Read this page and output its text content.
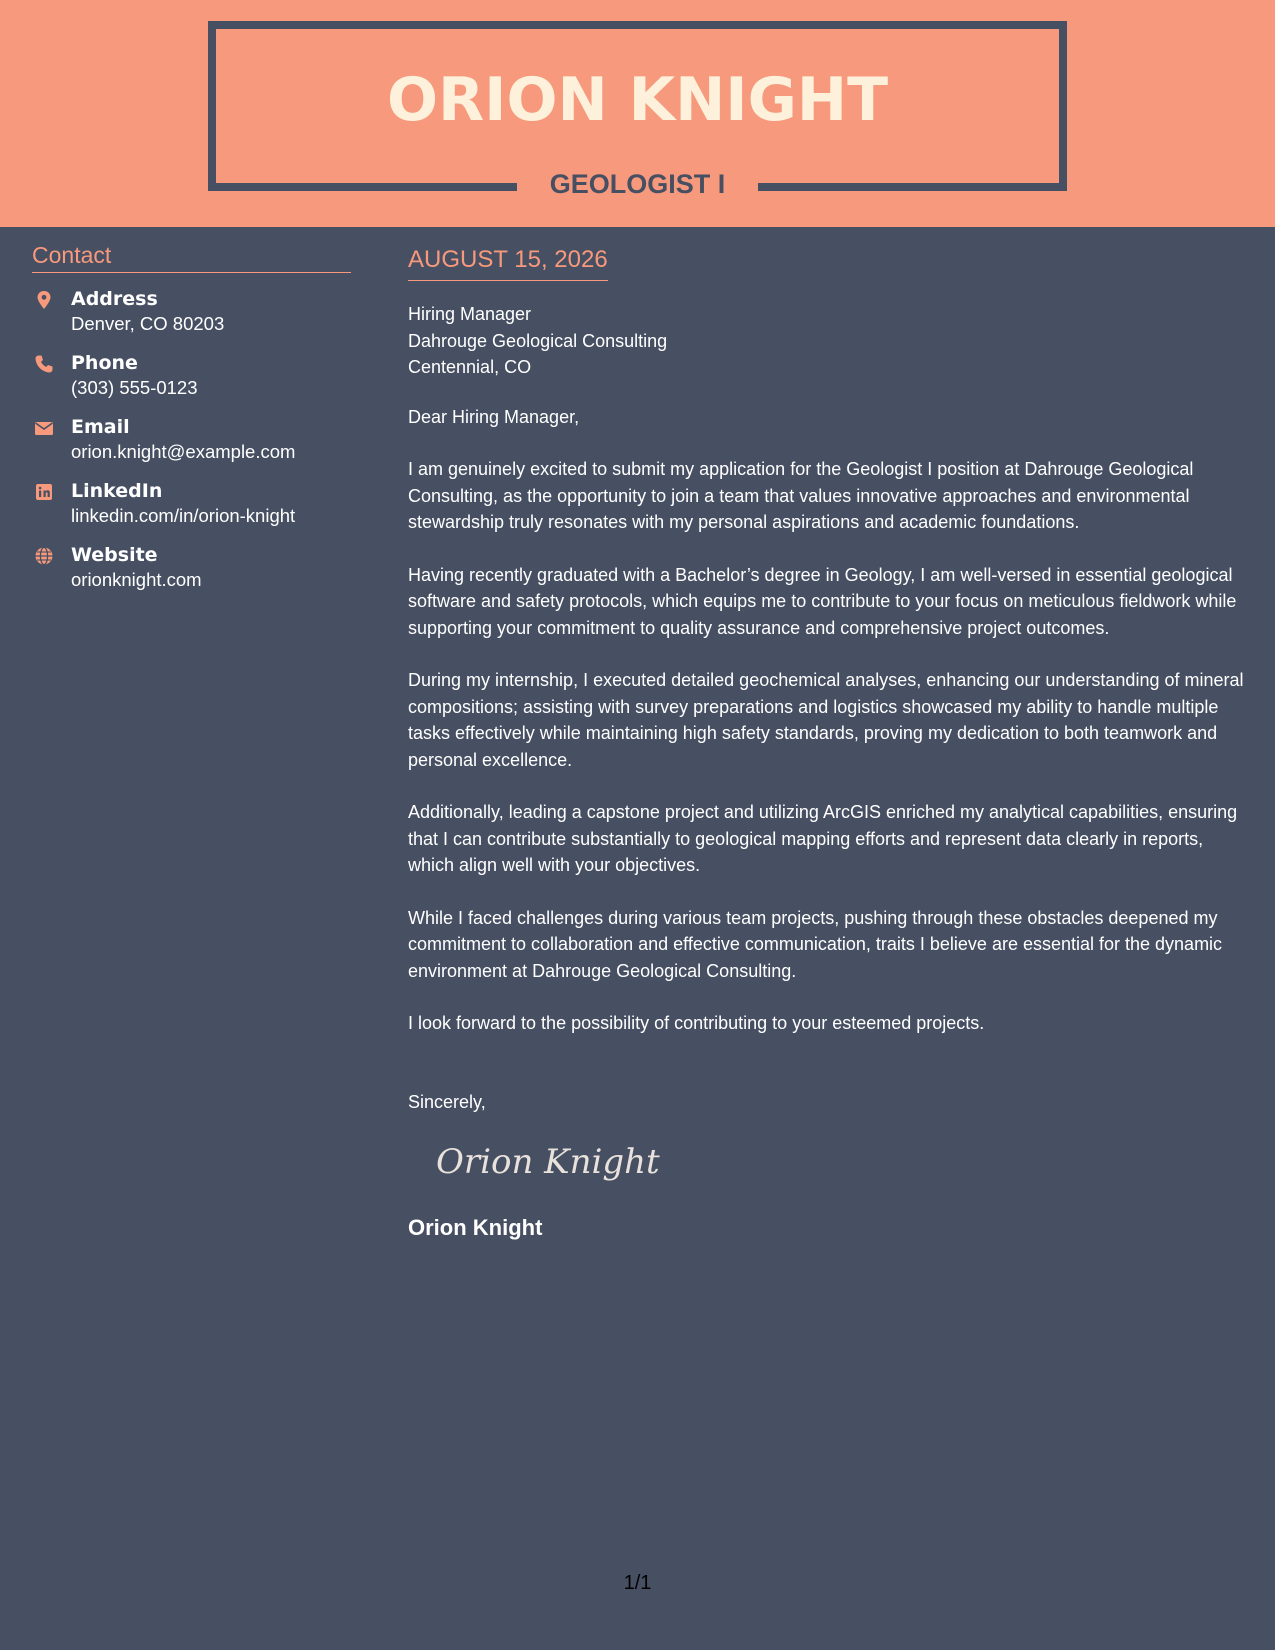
ORION KNIGHT
GEOLOGIST I
Contact
Address
Denver, CO 80203
Phone
(303) 555-0123
Email
orion.knight@example.com
LinkedIn
linkedin.com/in/orion-knight
Website
orionknight.com
AUGUST 15, 2026
Hiring Manager
Dahrouge Geological Consulting
Centennial, CO
Dear Hiring Manager,

I am genuinely excited to submit my application for the Geologist I position at Dahrouge Geological Consulting, as the opportunity to join a team that values innovative approaches and environmental stewardship truly resonates with my personal aspirations and academic foundations.

Having recently graduated with a Bachelor’s degree in Geology, I am well-versed in essential geological software and safety protocols, which equips me to contribute to your focus on meticulous fieldwork while supporting your commitment to quality assurance and comprehensive project outcomes.

During my internship, I executed detailed geochemical analyses, enhancing our understanding of mineral compositions; assisting with survey preparations and logistics showcased my ability to handle multiple tasks effectively while maintaining high safety standards, proving my dedication to both teamwork and personal excellence.

Additionally, leading a capstone project and utilizing ArcGIS enriched my analytical capabilities, ensuring that I can contribute substantially to geological mapping efforts and represent data clearly in reports, which align well with your objectives.

While I faced challenges during various team projects, pushing through these obstacles deepened my commitment to collaboration and effective communication, traits I believe are essential for the dynamic environment at Dahrouge Geological Consulting.

I look forward to the possibility of contributing to your esteemed projects.

Sincerely,
Orion Knight
Orion Knight
1/1
